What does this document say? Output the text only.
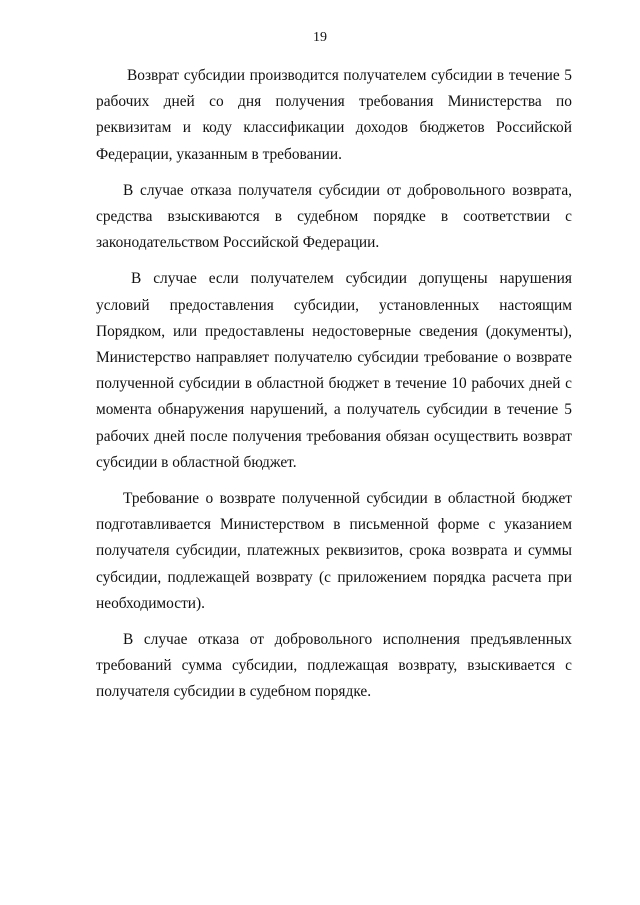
19

Возврат субсидии производится получателем субсидии в течение 5 рабочих дней со дня получения требования Министерства по реквизитам и коду классификации доходов бюджетов Российской Федерации, указанным в требовании.

В случае отказа получателя субсидии от добровольного возврата, средства взыскиваются в судебном порядке в соответствии с законодательством Российской Федерации.

В случае если получателем субсидии допущены нарушения условий предоставления субсидии, установленных настоящим Порядком, или предоставлены недостоверные сведения (документы), Министерство направляет получателю субсидии требование о возврате полученной субсидии в областной бюджет в течение 10 рабочих дней с момента обнаружения нарушений, а получатель субсидии в течение 5 рабочих дней после получения требования обязан осуществить возврат субсидии в областной бюджет.

Требование о возврате полученной субсидии в областной бюджет подготавливается Министерством в письменной форме с указанием получателя субсидии, платежных реквизитов, срока возврата и суммы субсидии, подлежащей возврату (с приложением порядка расчета при необходимости).

В случае отказа от добровольного исполнения предъявленных требований сумма субсидии, подлежащая возврату, взыскивается с получателя субсидии в судебном порядке.
